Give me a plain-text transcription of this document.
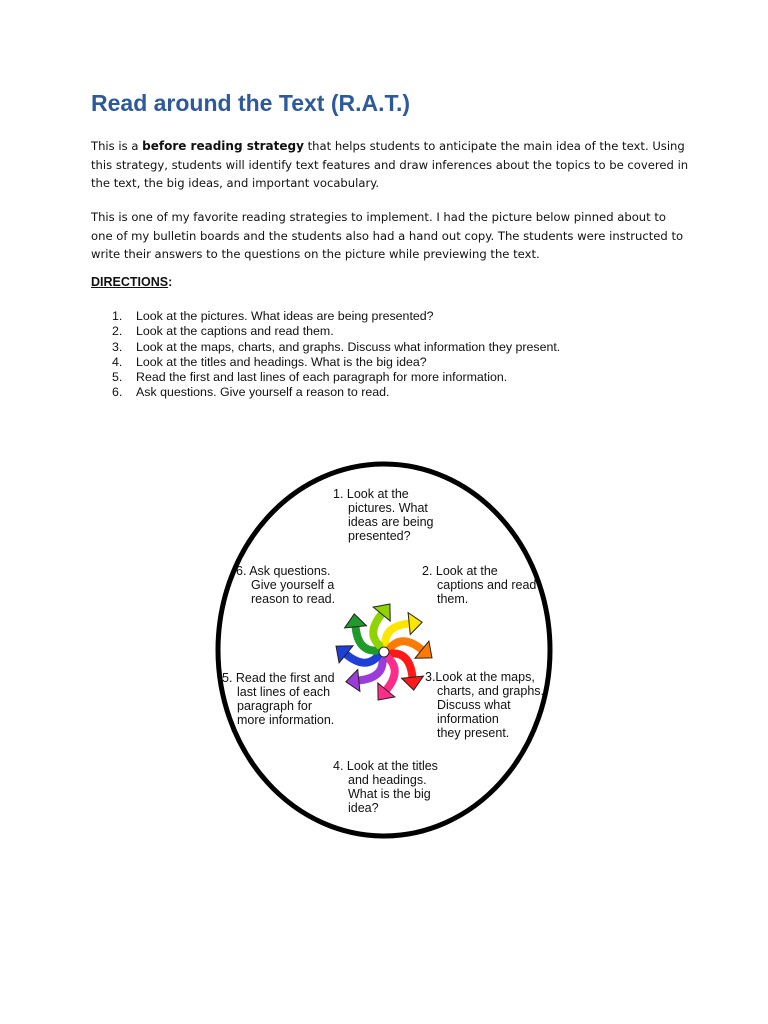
Read around the Text (R.A.T.)
This is a before reading strategy that helps students to anticipate the main idea of the text. Using this strategy, students will identify text features and draw inferences about the topics to be covered in the text, the big ideas, and important vocabulary.
This is one of my favorite reading strategies to implement. I had the picture below pinned about to one of my bulletin boards and the students also had a hand out copy. The students were instructed to write their answers to the questions on the picture while previewing the text.
DIRECTIONS:
1. Look at the pictures. What ideas are being presented?
2. Look at the captions and read them.
3. Look at the maps, charts, and graphs. Discuss what information they present.
4. Look at the titles and headings. What is the big idea?
5. Read the first and last lines of each paragraph for more information.
6. Ask questions. Give yourself a reason to read.
1. Look at the pictures. What ideas are being presented?
2. Look at the captions and read them.
3.Look at the maps, charts, and graphs. Discuss what information they present.
4. Look at the titles and headings. What is the big idea?
5. Read the first and last lines of each paragraph for more information.
6. Ask questions. Give yourself a reason to read.
